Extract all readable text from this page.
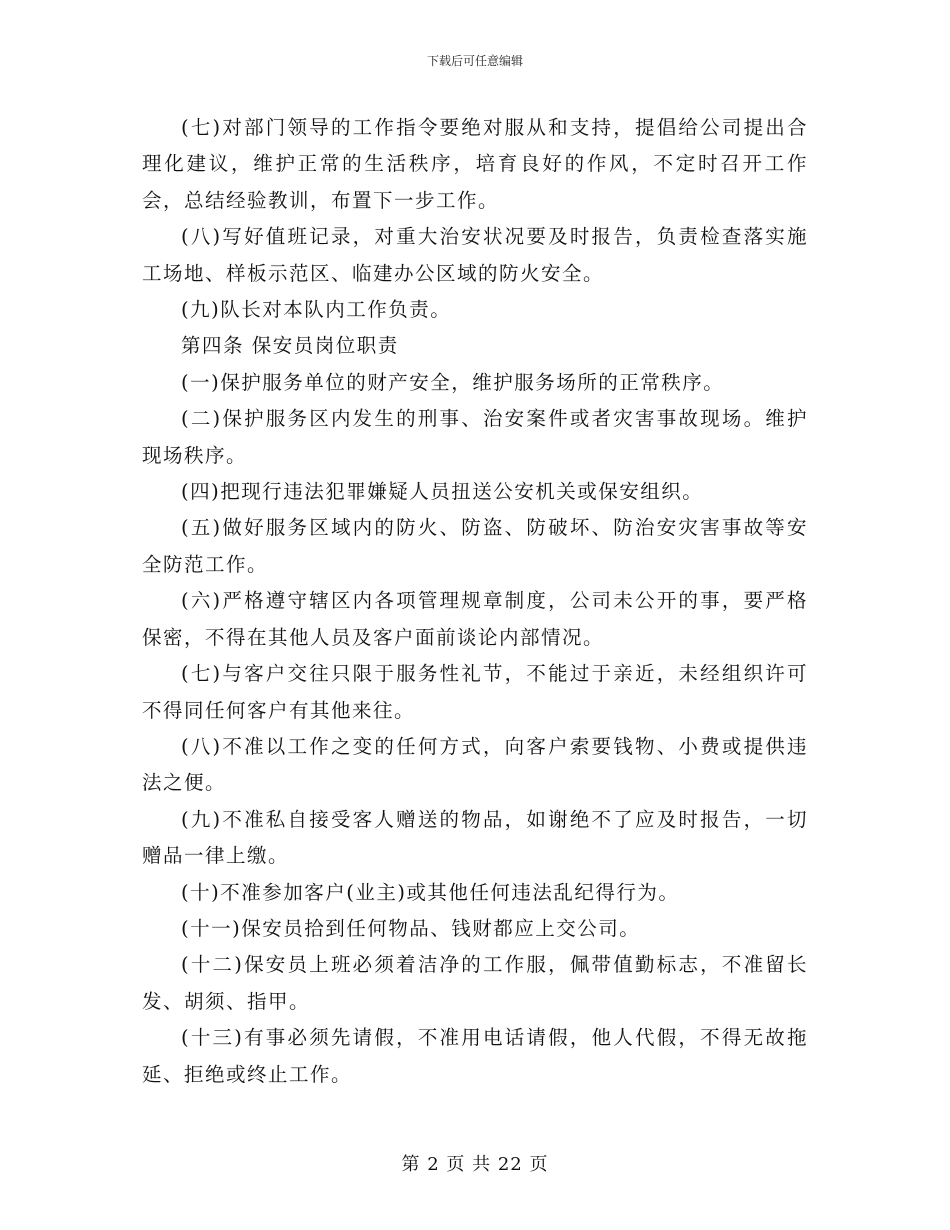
下载后可任意编辑

(七)对部门领导的工作指令要绝对服从和支持，提倡给公司提出合理化建议，维护正常的生活秩序，培育良好的作风，不定时召开工作会，总结经验教训，布置下一步工作。

(八)写好值班记录，对重大治安状况要及时报告，负责检查落实施工场地、样板示范区、临建办公区域的防火安全。

(九)队长对本队内工作负责。

第四条 保安员岗位职责

(一)保护服务单位的财产安全，维护服务场所的正常秩序。

(二)保护服务区内发生的刑事、治安案件或者灾害事故现场。维护现场秩序。

(四)把现行违法犯罪嫌疑人员扭送公安机关或保安组织。

(五)做好服务区域内的防火、防盗、防破坏、防治安灾害事故等安全防范工作。

(六)严格遵守辖区内各项管理规章制度，公司未公开的事，要严格保密，不得在其他人员及客户面前谈论内部情况。

(七)与客户交往只限于服务性礼节，不能过于亲近，未经组织许可不得同任何客户有其他来往。

(八)不准以工作之变的任何方式，向客户索要钱物、小费或提供违法之便。

(九)不准私自接受客人赠送的物品，如谢绝不了应及时报告，一切赠品一律上缴。

(十)不准参加客户(业主)或其他任何违法乱纪得行为。

(十一)保安员拾到任何物品、钱财都应上交公司。

(十二)保安员上班必须着洁净的工作服，佩带值勤标志，不准留长发、胡须、指甲。

(十三)有事必须先请假，不准用电话请假，他人代假，不得无故拖延、拒绝或终止工作。

第 2 页 共 22 页
